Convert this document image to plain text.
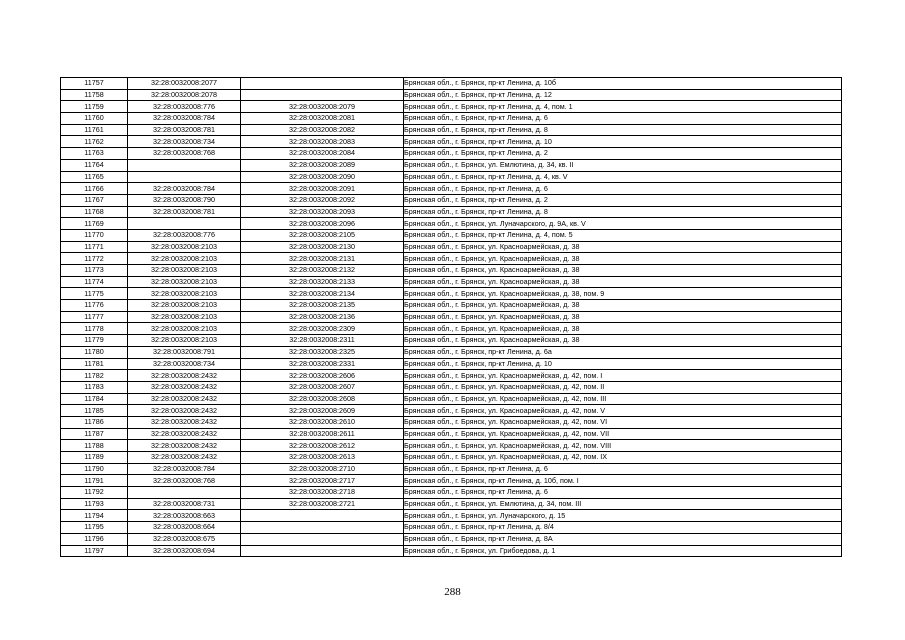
11757	32:28:0032008:2077		Брянская обл., г. Брянск, пр-кт Ленина, д. 10б
11758	32:28:0032008:2078		Брянская обл., г. Брянск, пр-кт Ленина, д. 12
11759	32:28:0032008:776	32:28:0032008:2079	Брянская обл., г. Брянск, пр-кт Ленина, д. 4, пом. 1
11760	32:28:0032008:784	32:28:0032008:2081	Брянская обл., г. Брянск, пр-кт Ленина, д. 6
11761	32:28:0032008:781	32:28:0032008:2082	Брянская обл., г. Брянск, пр-кт Ленина, д. 8
11762	32:28:0032008:734	32:28:0032008:2083	Брянская обл., г. Брянск, пр-кт Ленина, д. 10
11763	32:28:0032008:768	32:28:0032008:2084	Брянская обл., г. Брянск, пр-кт Ленина, д. 2
11764		32:28:0032008:2089	Брянская обл., г. Брянск, ул. Емлютина, д. 34, кв. II
11765		32:28:0032008:2090	Брянская обл., г. Брянск, пр-кт Ленина, д. 4, кв. V
11766	32:28:0032008:784	32:28:0032008:2091	Брянская обл., г. Брянск, пр-кт Ленина, д. 6
11767	32:28:0032008:790	32:28:0032008:2092	Брянская обл., г. Брянск, пр-кт Ленина, д. 2
11768	32:28:0032008:781	32:28:0032008:2093	Брянская обл., г. Брянск, пр-кт Ленина, д. 8
11769		32:28:0032008:2096	Брянская обл., г. Брянск, ул. Луначарского, д. 9А, кв. V
11770	32:28:0032008:776	32:28:0032008:2105	Брянская обл., г. Брянск, пр-кт Ленина, д. 4, пом. 5
11771	32:28:0032008:2103	32:28:0032008:2130	Брянская обл., г. Брянск, ул. Красноармейская, д. 38
11772	32:28:0032008:2103	32:28:0032008:2131	Брянская обл., г. Брянск, ул. Красноармейская, д. 38
11773	32:28:0032008:2103	32:28:0032008:2132	Брянская обл., г. Брянск, ул. Красноармейская, д. 38
11774	32:28:0032008:2103	32:28:0032008:2133	Брянская обл., г. Брянск, ул. Красноармейская, д. 38
11775	32:28:0032008:2103	32:28:0032008:2134	Брянская обл., г. Брянск, ул. Красноармейская, д. 38, пом. 9
11776	32:28:0032008:2103	32:28:0032008:2135	Брянская обл., г. Брянск, ул. Красноармейская, д. 38
11777	32:28:0032008:2103	32:28:0032008:2136	Брянская обл., г. Брянск, ул. Красноармейская, д. 38
11778	32:28:0032008:2103	32:28:0032008:2309	Брянская обл., г. Брянск, ул. Красноармейская, д. 38
11779	32:28:0032008:2103	32:28:0032008:2311	Брянская обл., г. Брянск, ул. Красноармейская, д. 38
11780	32:28:0032008:791	32:28:0032008:2325	Брянская обл., г. Брянск, пр-кт Ленина, д. 6а
11781	32:28:0032008:734	32:28:0032008:2331	Брянская обл., г. Брянск, пр-кт Ленина, д. 10
11782	32:28:0032008:2432	32:28:0032008:2606	Брянская обл., г. Брянск, ул. Красноармейская, д. 42, пом. I
11783	32:28:0032008:2432	32:28:0032008:2607	Брянская обл., г. Брянск, ул. Красноармейская, д. 42, пом. II
11784	32:28:0032008:2432	32:28:0032008:2608	Брянская обл., г. Брянск, ул. Красноармейская, д. 42, пом. III
11785	32:28:0032008:2432	32:28:0032008:2609	Брянская обл., г. Брянск, ул. Красноармейская, д. 42, пом. V
11786	32:28:0032008:2432	32:28:0032008:2610	Брянская обл., г. Брянск, ул. Красноармейская, д. 42, пом. VI
11787	32:28:0032008:2432	32:28:0032008:2611	Брянская обл., г. Брянск, ул. Красноармейская, д. 42, пом. VII
11788	32:28:0032008:2432	32:28:0032008:2612	Брянская обл., г. Брянск, ул. Красноармейская, д. 42, пом. VIII
11789	32:28:0032008:2432	32:28:0032008:2613	Брянская обл., г. Брянск, ул. Красноармейская, д. 42, пом. IX
11790	32:28:0032008:784	32:28:0032008:2710	Брянская обл., г. Брянск, пр-кт Ленина, д. 6
11791	32:28:0032008:768	32:28:0032008:2717	Брянская обл., г. Брянск, пр-кт Ленина, д. 10б, пом. I
11792		32:28:0032008:2718	Брянская обл., г. Брянск, пр-кт Ленина, д. 6
11793	32:28:0032008:731	32:28:0032008:2721	Брянская обл., г. Брянск, ул. Емлютина, д. 34, пом. III
11794	32:28:0032008:663		Брянская обл., г. Брянск, ул. Луначарского, д. 15
11795	32:28:0032008:664		Брянская обл., г. Брянск, пр-кт Ленина, д. 8/4
11796	32:28:0032008:675		Брянская обл., г. Брянск, пр-кт Ленина, д. 8А
11797	32:28:0032008:694		Брянская обл., г. Брянск, ул. Грибоедова, д. 1
288
